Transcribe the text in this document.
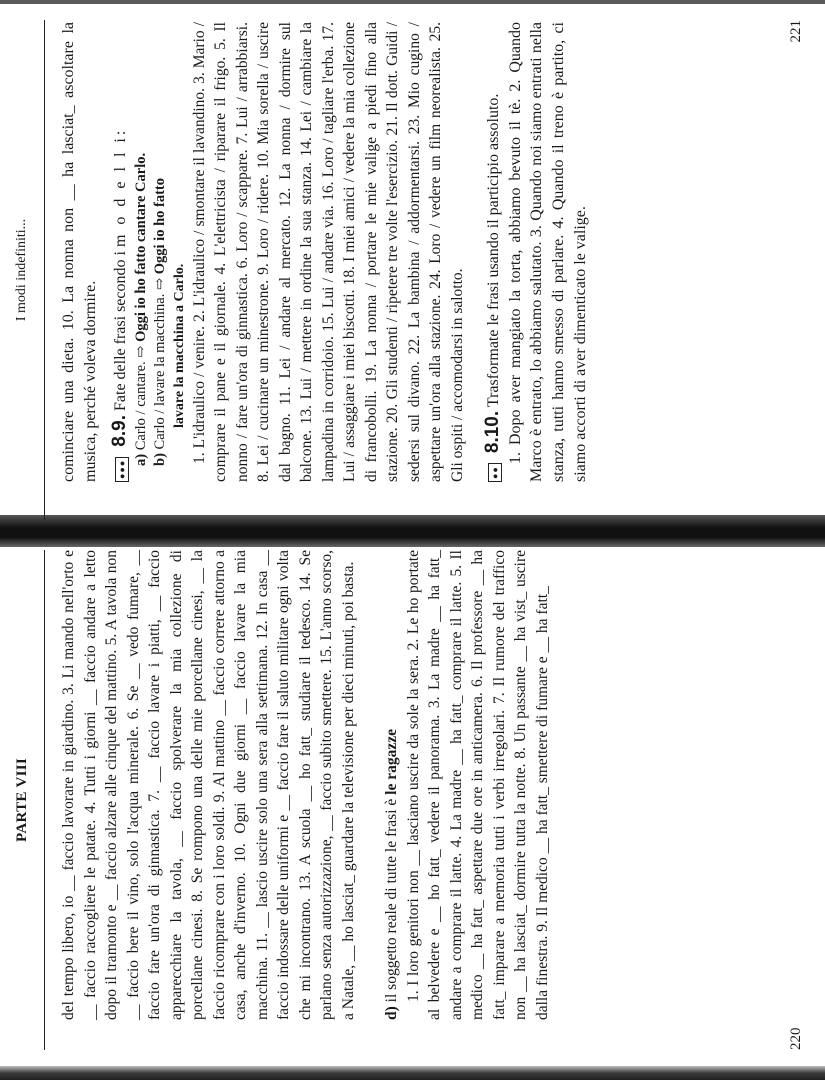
PARTE VIII	del tempo libero, io __ faccio lavorare in giardino. 3. Li mando nell'orto e __ faccio raccogliere le patate. 4. Tutti i giorni __ faccio andare a letto dopo il tramonto e __ faccio alzare alle cinque del mattino. 5. A tavola non __ faccio bere il vino, solo l'acqua minerale. 6. Se __ vedo fumare, __ faccio fare un'ora di ginnastica. 7. __ faccio lavare i piatti, __ faccio apparecchiare la tavola, __ faccio spolverare la mia collezione di porcellane cinesi. 8. Se rompono una delle mie porcellane cinesi, __ la faccio ricomprare con i loro soldi. 9. Al mattino __ faccio correre attorno a casa, anche d'inverno. 10. Ogni due giorni __ faccio lavare la mia macchina. 11. __ lascio uscire solo una sera alla settimana. 12. In casa __ faccio indossare delle uniformi e __ faccio fare il saluto militare ogni volta che mi incontrano. 13. A scuola __ ho fatt_ studiare il tedesco. 14. Se parlano senza autorizzazione, __ faccio subito smettere. 15. L'anno scorso, a Natale, __ ho lasciat_ guardare la televisione per dieci minuti, poi basta. d) il soggetto reale di tutte le frasi è le ragazze 1. I loro genitori non __ lasciano uscire da sole la sera. 2. Le ho portate al belvedere e __ ho fatt_ vedere il panorama. 3. La madre __ ha fatt_ andare a comprare il latte. 4. La madre __ ha fatt_ comprare il latte. 5. Il medico __ ha fatt_ aspettare due ore in anticamera. 6. Il professore __ ha fatt_ imparare a memoria tutti i verbi irregolari. 7. Il rumore del traffico non __ ha lasciat_ dormire tutta la notte. 8. Un passante __ ha vist_ uscire dalla finestra. 9. Il medico __ ha fatt_ smettere di fumare e __ ha fatt_

220
I modi indefiniti...	cominciare una dieta. 10. La nonna non __ ha lasciat_ ascoltare la musica, perché voleva dormire.	●●● 8.9. Fate delle frasi secondo i m o d e l l i:

a) Carlo / cantare. ⇨ Oggi io ho fatto cantare Carlo.

b) Carlo / lavare la macchina. ⇨ Oggi io ho fatto

lavare la macchina a Carlo. 1. L'idraulico / venire. 2. L'idraulico / smontare il lavandino. 3. Mario / comprare il pane e il giornale. 4. L'elettricista / riparare il frigo. 5. Il nonno / fare un'ora di ginnastica. 6. Loro / scappare. 7. Lui / arrabbiarsi. 8. Lei / cucinare un minestrone. 9. Loro / ridere. 10. Mia sorella / uscire dal bagno. 11. Lei / andare al mercato. 12. La nonna / dormire sul balcone. 13. Lui / mettere in ordine la sua stanza. 14. Lei / cambiare la lampadina in corridoio. 15. Lui / andare via. 16. Loro / tagliare l'erba. 17. Lui / assaggiare i miei biscotti. 18. I miei amici / vedere la mia collezione di francobolli. 19. La nonna / portare le mie valige a piedi fino alla stazione. 20. Gli studenti / ripetere tre volte l'esercizio. 21. Il dott. Guidi / sedersi sul divano. 22. La bambina / addormentarsi. 23. Mio cugino / aspettare un'ora alla stazione. 24. Loro / vedere un film neorealista. 25. Gli ospiti / accomodarsi in salotto.	●● 8.10. Trasformate le frasi usando il participio assoluto. 1. Dopo aver mangiato la torta, abbiamo bevuto il tè. 2. Quando Marco è entrato, lo abbiamo salutato. 3. Quando noi siamo entrati nella stanza, tutti hanno smesso di parlare. 4. Quando il treno è partito, ci siamo accorti di aver dimenticato le valige.

221
